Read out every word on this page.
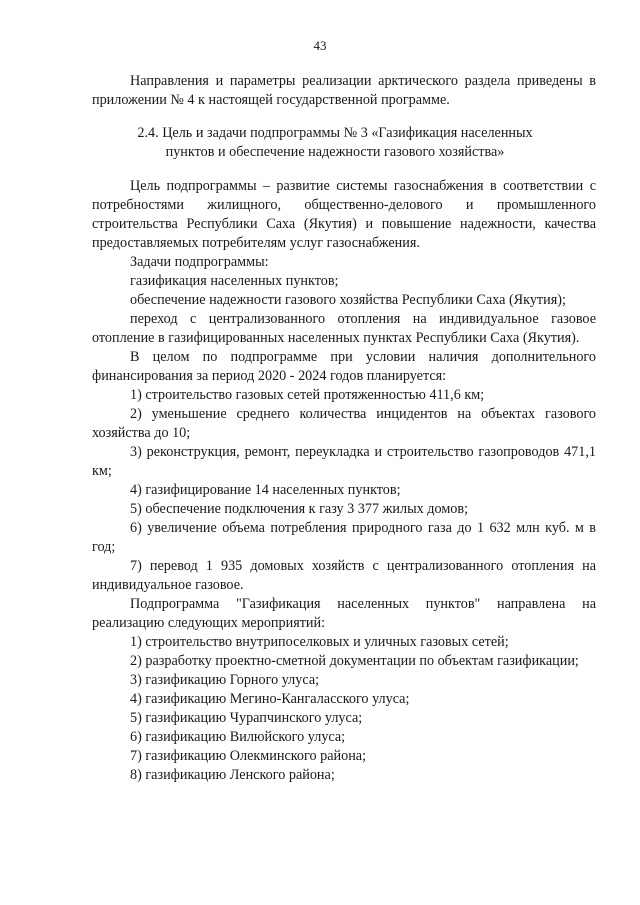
43

Направления и параметры реализации арктического раздела приведены в приложении № 4 к настоящей государственной программе.

2.4. Цель и задачи подпрограммы № 3 «Газификация населенных

пунктов и обеспечение надежности газового хозяйства»

Цель подпрограммы – развитие системы газоснабжения в соответствии с потребностями жилищного, общественно-делового и промышленного строительства Республики Саха (Якутия) и повышение надежности, качества предоставляемых потребителям услуг газоснабжения.

Задачи подпрограммы:

газификация населенных пунктов;

обеспечение надежности газового хозяйства Республики Саха (Якутия);

переход с централизованного отопления на индивидуальное газовое отопление в газифицированных населенных пунктах Республики Саха (Якутия).

В целом по подпрограмме при условии наличия дополнительного финансирования за период 2020 - 2024 годов планируется:

1) строительство газовых сетей протяженностью 411,6 км;

2) уменьшение среднего количества инцидентов на объектах газового хозяйства до 10;

3) реконструкция, ремонт, переукладка и строительство газопроводов 471,1 км;

4) газифицирование 14 населенных пунктов;

5) обеспечение подключения к газу 3 377 жилых домов;

6) увеличение объема потребления природного газа до 1 632 млн куб. м в год;

7) перевод 1 935 домовых хозяйств с централизованного отопления на индивидуальное газовое.

Подпрограмма "Газификация населенных пунктов" направлена на реализацию следующих мероприятий:

1) строительство внутрипоселковых и уличных газовых сетей;

2) разработку проектно-сметной документации по объектам газификации;

3) газификацию Горного улуса;

4) газификацию Мегино-Кангаласского улуса;

5) газификацию Чурапчинского улуса;

6) газификацию Вилюйского улуса;

7) газификацию Олекминского района;

8) газификацию Ленского района;
